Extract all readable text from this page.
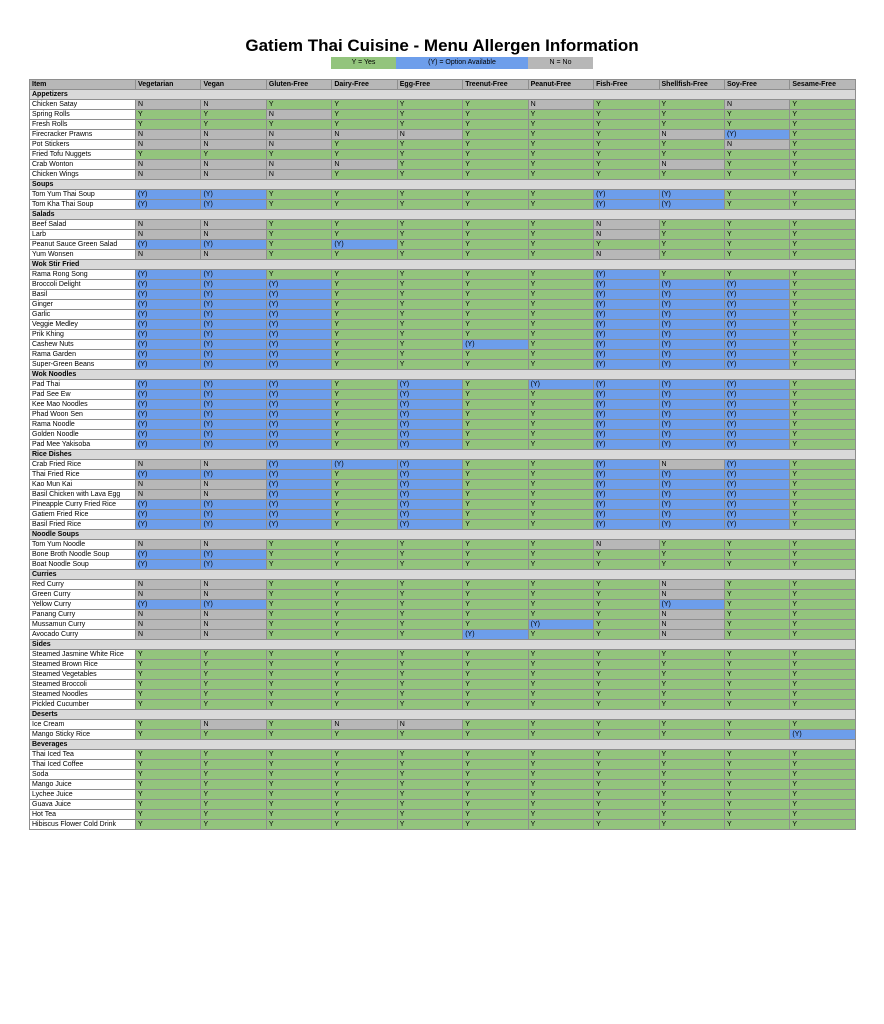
Gatiem Thai Cuisine - Menu Allergen Information
Y = Yes	(Y) = Option Available	N = No
Item	Vegetarian	Vegan	Gluten-Free	Dairy-Free	Egg-Free	Treenut-Free	Peanut-Free	Fish-Free	Shellfish-Free	Soy-Free	Sesame-Free
Appetizers											
Chicken Satay	N	N	Y	Y	Y	Y	N	Y	Y	N	Y
Spring Rolls	Y	Y	N	Y	Y	Y	Y	Y	Y	Y	Y
Fresh Rolls	Y	Y	Y	Y	Y	Y	Y	Y	Y	Y	Y
Firecracker Prawns	N	N	N	N	N	Y	Y	Y	N	(Y)	Y
Pot Stickers	N	N	N	Y	Y	Y	Y	Y	Y	N	Y
Fried Tofu Nuggets	Y	Y	Y	Y	Y	Y	Y	Y	Y	Y	Y
Crab Wonton	N	N	N	N	Y	Y	Y	Y	N	Y	Y
Chicken Wings	N	N	N	Y	Y	Y	Y	Y	Y	Y	Y
Soups											
Tom Yum Thai Soup	(Y)	(Y)	Y	Y	Y	Y	Y	(Y)	(Y)	Y	Y
Tom Kha Thai Soup	(Y)	(Y)	Y	Y	Y	Y	Y	(Y)	(Y)	Y	Y
Salads											
Beef Salad	N	N	Y	Y	Y	Y	Y	N	Y	Y	Y
Larb	N	N	Y	Y	Y	Y	Y	N	Y	Y	Y
Peanut Sauce Green Salad	(Y)	(Y)	Y	(Y)	Y	Y	Y	Y	Y	Y	Y
Yum Wonsen	N	N	Y	Y	Y	Y	Y	N	Y	Y	Y
Wok Stir Fried											
Rama Rong Song	(Y)	(Y)	Y	Y	Y	Y	Y	(Y)	Y	Y	Y
Broccoli Delight	(Y)	(Y)	(Y)	Y	Y	Y	Y	(Y)	(Y)	(Y)	Y
Basil	(Y)	(Y)	(Y)	Y	Y	Y	Y	(Y)	(Y)	(Y)	Y
Ginger	(Y)	(Y)	(Y)	Y	Y	Y	Y	(Y)	(Y)	(Y)	Y
Garlic	(Y)	(Y)	(Y)	Y	Y	Y	Y	(Y)	(Y)	(Y)	Y
Veggie Medley	(Y)	(Y)	(Y)	Y	Y	Y	Y	(Y)	(Y)	(Y)	Y
Prik Khing	(Y)	(Y)	(Y)	Y	Y	Y	Y	(Y)	(Y)	(Y)	Y
Cashew Nuts	(Y)	(Y)	(Y)	Y	Y	(Y)	Y	(Y)	(Y)	(Y)	Y
Rama Garden	(Y)	(Y)	(Y)	Y	Y	Y	Y	(Y)	(Y)	(Y)	Y
Super-Green Beans	(Y)	(Y)	(Y)	Y	Y	Y	Y	(Y)	(Y)	(Y)	Y
Wok Noodles											
Pad Thai	(Y)	(Y)	(Y)	Y	(Y)	Y	(Y)	(Y)	(Y)	(Y)	Y
Pad See Ew	(Y)	(Y)	(Y)	Y	(Y)	Y	Y	(Y)	(Y)	(Y)	Y
Kee Mao Noodles	(Y)	(Y)	(Y)	Y	(Y)	Y	Y	(Y)	(Y)	(Y)	Y
Phad Woon Sen	(Y)	(Y)	(Y)	Y	(Y)	Y	Y	(Y)	(Y)	(Y)	Y
Rama Noodle	(Y)	(Y)	(Y)	Y	(Y)	Y	Y	(Y)	(Y)	(Y)	Y
Golden Noodle	(Y)	(Y)	(Y)	Y	(Y)	Y	Y	(Y)	(Y)	(Y)	Y
Pad Mee Yakisoba	(Y)	(Y)	(Y)	Y	(Y)	Y	Y	(Y)	(Y)	(Y)	Y
Rice Dishes											
Crab Fried Rice	N	N	(Y)	(Y)	(Y)	Y	Y	(Y)	N	(Y)	Y
Thai Fried Rice	(Y)	(Y)	(Y)	Y	(Y)	Y	Y	(Y)	(Y)	(Y)	Y
Kao Mun Kai	N	N	(Y)	Y	(Y)	Y	Y	(Y)	(Y)	(Y)	Y
Basil Chicken with Lava Egg	N	N	(Y)	Y	(Y)	Y	Y	(Y)	(Y)	(Y)	Y
Pineapple Curry Fried Rice	(Y)	(Y)	(Y)	Y	(Y)	Y	Y	(Y)	(Y)	(Y)	Y
Gatiem Fried Rice	(Y)	(Y)	(Y)	Y	(Y)	Y	Y	(Y)	(Y)	(Y)	Y
Basil Fried Rice	(Y)	(Y)	(Y)	Y	(Y)	Y	Y	(Y)	(Y)	(Y)	Y
Noodle Soups											
Tom Yum Noodle	N	N	Y	Y	Y	Y	Y	N	Y	Y	Y
Bone Broth Noodle Soup	(Y)	(Y)	Y	Y	Y	Y	Y	Y	Y	Y	Y
Boat Noodle Soup	(Y)	(Y)	Y	Y	Y	Y	Y	Y	Y	Y	Y
Curries											
Red Curry	N	N	Y	Y	Y	Y	Y	Y	N	Y	Y
Green Curry	N	N	Y	Y	Y	Y	Y	Y	N	Y	Y
Yellow Curry	(Y)	(Y)	Y	Y	Y	Y	Y	Y	(Y)	Y	Y
Panang Curry	N	N	Y	Y	Y	Y	Y	Y	N	Y	Y
Mussamun Curry	N	N	Y	Y	Y	Y	(Y)	Y	N	Y	Y
Avocado Curry	N	N	Y	Y	Y	(Y)	Y	Y	N	Y	Y
Sides											
Steamed Jasmine White Rice	Y	Y	Y	Y	Y	Y	Y	Y	Y	Y	Y
Steamed Brown Rice	Y	Y	Y	Y	Y	Y	Y	Y	Y	Y	Y
Steamed Vegetables	Y	Y	Y	Y	Y	Y	Y	Y	Y	Y	Y
Steamed Broccoli	Y	Y	Y	Y	Y	Y	Y	Y	Y	Y	Y
Steamed Noodles	Y	Y	Y	Y	Y	Y	Y	Y	Y	Y	Y
Pickled Cucumber	Y	Y	Y	Y	Y	Y	Y	Y	Y	Y	Y
Deserts											
Ice Cream	Y	N	Y	N	N	Y	Y	Y	Y	Y	Y
Mango Sticky Rice	Y	Y	Y	Y	Y	Y	Y	Y	Y	Y	(Y)
Beverages											
Thai Iced Tea	Y	Y	Y	Y	Y	Y	Y	Y	Y	Y	Y
Thai Iced Coffee	Y	Y	Y	Y	Y	Y	Y	Y	Y	Y	Y
Soda	Y	Y	Y	Y	Y	Y	Y	Y	Y	Y	Y
Mango Juice	Y	Y	Y	Y	Y	Y	Y	Y	Y	Y	Y
Lychee Juice	Y	Y	Y	Y	Y	Y	Y	Y	Y	Y	Y
Guava Juice	Y	Y	Y	Y	Y	Y	Y	Y	Y	Y	Y
Hot Tea	Y	Y	Y	Y	Y	Y	Y	Y	Y	Y	Y
Hibiscus Flower Cold Drink	Y	Y	Y	Y	Y	Y	Y	Y	Y	Y	Y
